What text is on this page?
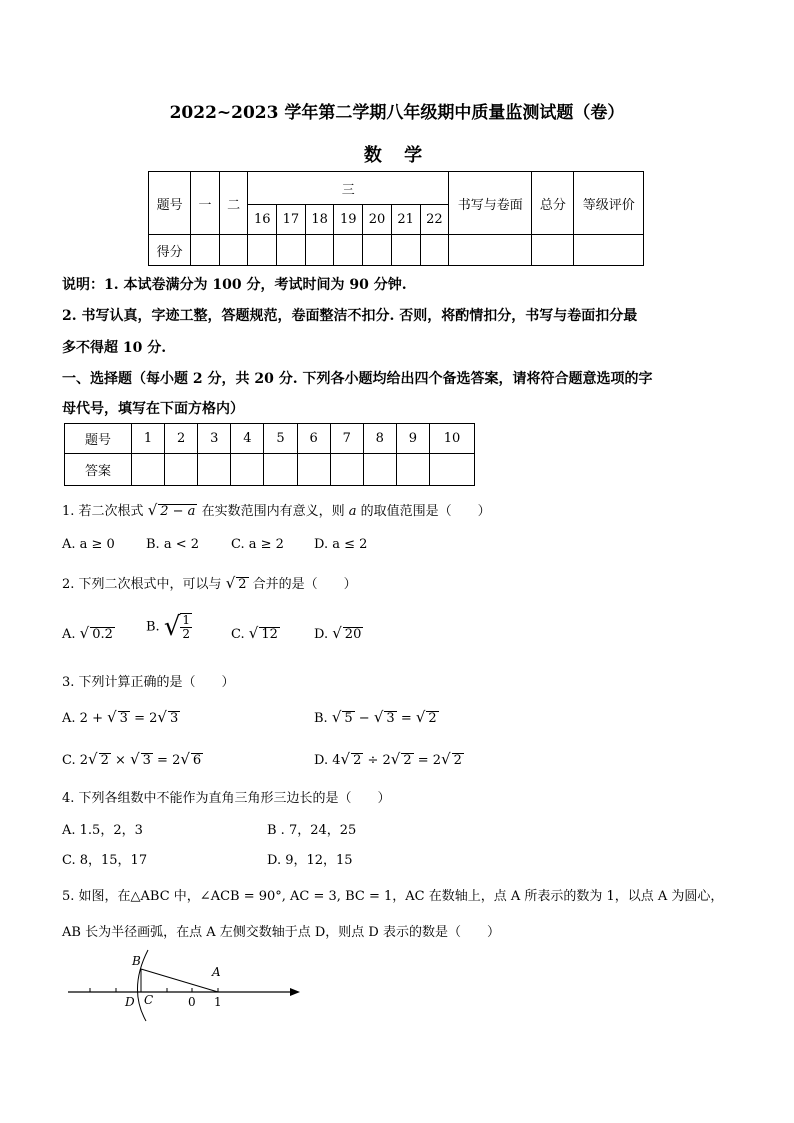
2022~2023 学年第二学期八年级期中质量监测试题（卷）
数 学
题号	一	二	三							书写与卷面	总分	等级评价
			16	17	18	19	20	21	22			
得分												
说明：1. 本试卷满分为 100 分，考试时间为 90 分钟.
2. 书写认真，字迹工整，答题规范，卷面整洁不扣分. 否则，将酌情扣分，书写与卷面扣分最
多不得超 10 分.
一、选择题（每小题 2 分，共 20 分. 下列各小题均给出四个备选答案，请将符合题意选项的字
母代号，填写在下面方格内）
题号	1	2	3	4	5	6	7	8	9	10
答案										
1. 若二次根式 √ 2 − a 在实数范围内有意义，则 a 的取值范围是（　　）
A. a ≥ 0 B. a < 2 C. a ≥ 2 D. a ≤ 2
2. 下列二次根式中，可以与 √ 2 合并的是（　　）
A. √ 0.2	B. √ $\frac{1}{2}$	C. √ 12	D. √ 20
3. 下列计算正确的是（　　）
A. 2 + √ 3 = 2√ 3	B. √ 5 − √ 3 = √ 2
C. 2√ 2 × √ 3 = 2√ 6	D. 4√ 2 ÷ 2√ 2 = 2√ 2
4. 下列各组数中不能作为直角三角形三边长的是（　　）
A. 1.5，2，3	B . 7，24，25
C. 8，15，17	D. 9，12，15
5. 如图，在△ABC 中，∠ACB = 90°, AC = 3, BC = 1，AC 在数轴上，点 A 所表示的数为 1，以点 A 为圆心，
AB 长为半径画弧，在点 A 左侧交数轴于点 D，则点 D 表示的数是（　　）
B
A
D C	0 1
